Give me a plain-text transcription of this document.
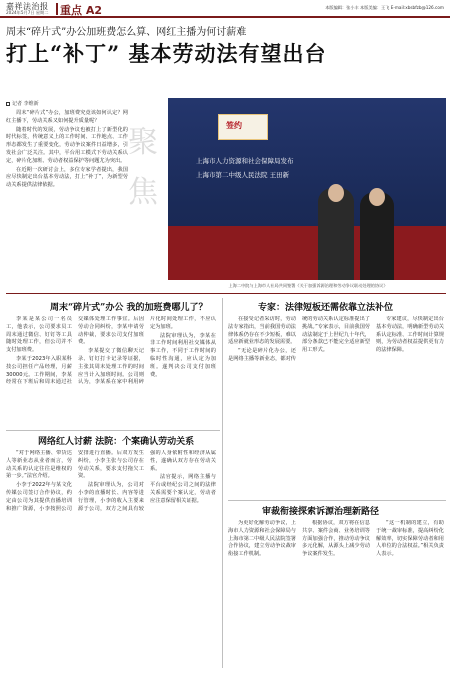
嘉祥法治报
2024年5月7日 星期二 重点 A2	本版编辑：张小丰 本版美编：王飞 E-mail:xbsbfzb@126.com
周末“碎片式”办公加班费怎么算、网红主播为何讨薪难
打上“补丁” 基本劳动法有望出台
记者 李维新

周末“碎片式”办公，加班费究竟该如何认定？网红主播下，劳动关系又如何提升质量呢？

随着时代的发展，劳动争议也被打上了新型化的时代标签，传统意义上的工作时间、工作地点、工作形态都发生了重要变化，劳动争议案件日益增多，引发社会广泛关注。其中，平台用工模式下劳动关系认定，碎片化加班、劳动者权益保护等问题尤为突出。

在近期一次研讨会上，多位专家学者提出，我国应尽快制定出台基本劳动法，打上“补丁”，为新型劳动关系提供法律依据。

聚焦
签约
上海市人力资源和社会保障局发布
上海市第二中级人民法院 王田新
上海二中院与上海市人社局共同签署《关于加强诉源治理和劳动争议联动处理的协议》
周末“碎片式”办公 我的加班费哪儿了？

李某是某公司一名员工，他表示，公司要求员工周末通过微信、钉钉等工具随时处理工作，但公司并不支付加班费。

李某于2023年入职某科技公司担任产品经理，月薪30000元。工作期间，李某经常在下班后和周末通过社交媒体处理工作事宜。后因劳动合同纠纷，李某申请劳动仲裁，要求公司支付加班费。

李某提交了微信聊天记录、钉钉打卡记录等证据，主张其周末处理工作的时间应当计入加班时间。公司则认为，李某系在家中利用碎片化时间处理工作，不应认定为加班。

法院审理认为，李某在非工作时间利用社交媒体从事工作，不同于工作时间的临时性沟通，应认定为加班。遂判决公司支付加班费。

专家：法律短板还需依靠立法补位

在接受记者采访时，劳动法专家指出，当前我国劳动法律体系仍存在不少短板，难以适应新就业形态的发展需要。

“无论是碎片化办公，还是网络主播等新业态，都对传统的劳动关系认定标准提出了挑战。”专家表示，目前我国劳动法制定于上世纪九十年代，部分条款已不能完全适应新型用工形式。

专家建议，尽快制定出台基本劳动法，明确新型劳动关系认定标准、工作时间计算规则，为劳动者权益提供更有力的法律保障。

网络红人讨薪 法院：个案确认劳动关系

“对于网络主播、带货达人等新业态从业者而言，劳动关系的认定往往是维权的第一步。”法官介绍。

小李于2022年与某文化传媒公司签订合作协议，约定由公司为其提供直播培训和推广资源，小李按照公司安排进行直播。后双方发生纠纷，小李主张与公司存在劳动关系，要求支付拖欠工资。

法院审理认为，公司对小李的直播时长、内容等进行管理，小李的收入主要来源于公司，双方之间具有较强的人身依附性和经济从属性，遂确认双方存在劳动关系。

法官提示，网络主播与平台或经纪公司之间的法律关系需要个案认定，劳动者应注意保留相关证据。

审裁衔接探索诉源治理新路径

为更好化解劳动争议，上海市人力资源和社会保障局与上海市第二中级人民法院签署合作协议，建立劳动争议裁审衔接工作机制。

根据协议，双方将在信息共享、案件会商、业务培训等方面加强合作，推动劳动争议多元化解，从源头上减少劳动争议案件发生。

“这一机制的建立，有助于统一裁审标准，提高纠纷化解效率，切实保障劳动者和用人单位的合法权益。”相关负责人表示。
